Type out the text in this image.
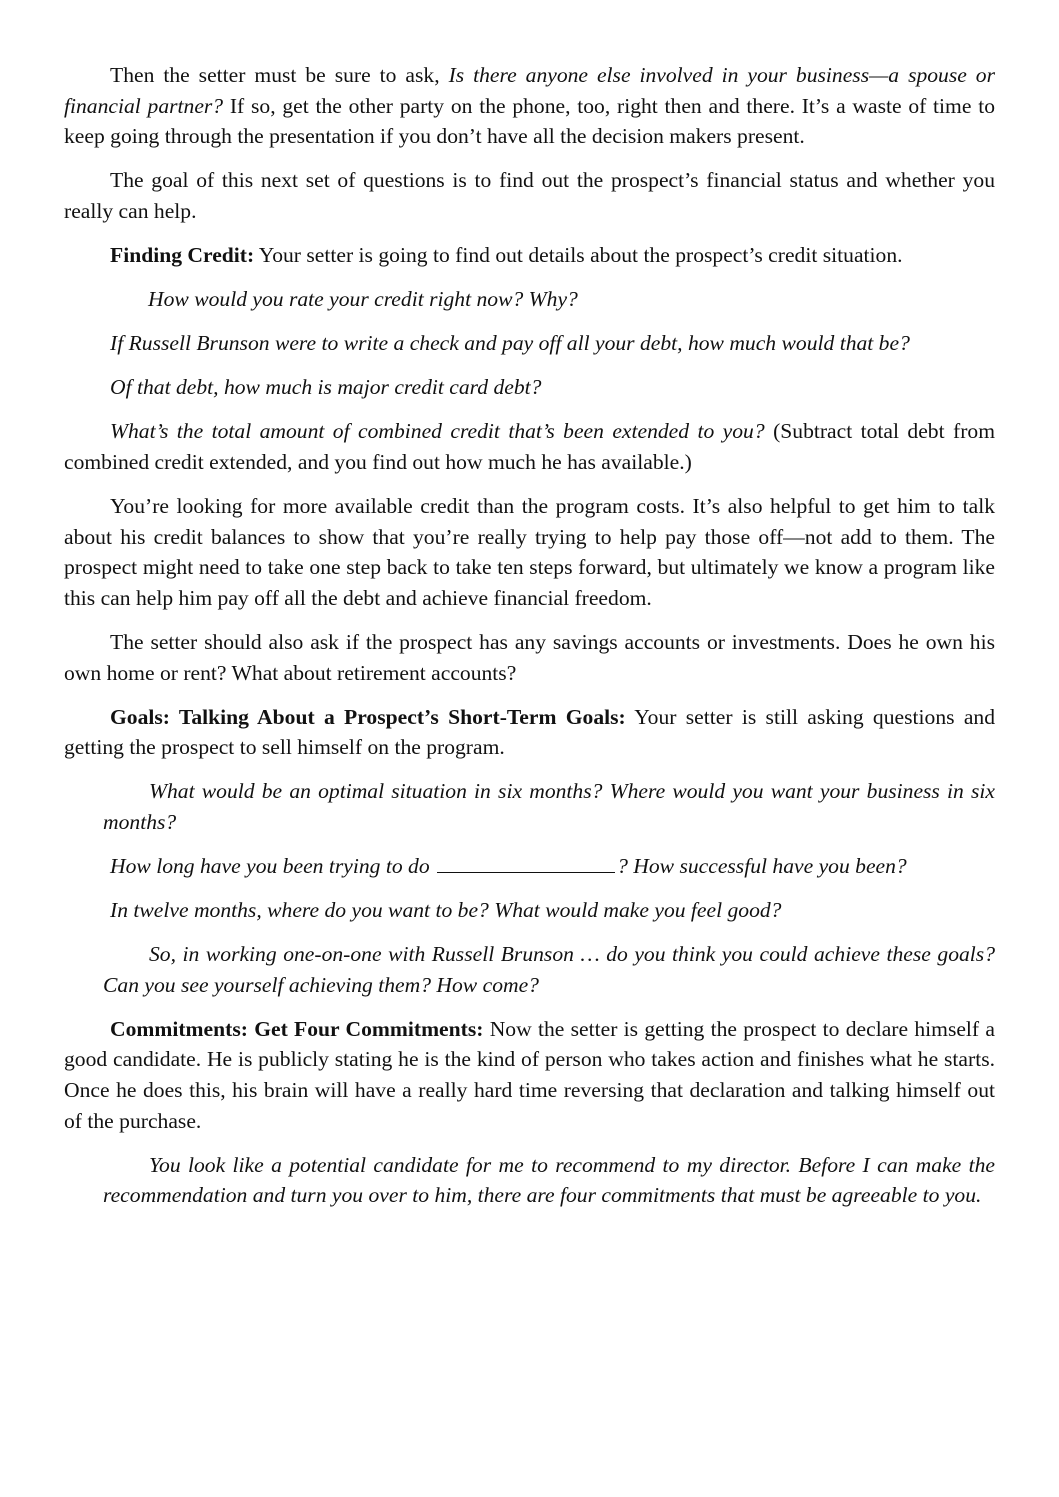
Then the setter must be sure to ask, Is there anyone else involved in your business—a spouse or financial partner? If so, get the other party on the phone, too, right then and there. It’s a waste of time to keep going through the presentation if you don’t have all the decision makers present.

The goal of this next set of questions is to find out the prospect’s financial status and whether you really can help.

Finding Credit: Your setter is going to find out details about the prospect’s credit situation.

How would you rate your credit right now? Why?

If Russell Brunson were to write a check and pay off all your debt, how much would that be?

Of that debt, how much is major credit card debt?

What’s the total amount of combined credit that’s been extended to you? (Subtract total debt from combined credit extended, and you find out how much he has available.)

You’re looking for more available credit than the program costs. It’s also helpful to get him to talk about his credit balances to show that you’re really trying to help pay those off—not add to them. The prospect might need to take one step back to take ten steps forward, but ultimately we know a program like this can help him pay off all the debt and achieve financial freedom.

The setter should also ask if the prospect has any savings accounts or investments. Does he own his own home or rent? What about retirement accounts?

Goals: Talking About a Prospect’s Short-Term Goals: Your setter is still asking questions and getting the prospect to sell himself on the program.

What would be an optimal situation in six months? Where would you want your business in six months?

How long have you been trying to do	? How successful have you been?

In twelve months, where do you want to be? What would make you feel good?

So, in working one-on-one with Russell Brunson … do you think you could achieve these goals? Can you see yourself achieving them? How come?

Commitments: Get Four Commitments: Now the setter is getting the prospect to declare himself a good candidate. He is publicly stating he is the kind of person who takes action and finishes what he starts. Once he does this, his brain will have a really hard time reversing that declaration and talking himself out of the purchase.

You look like a potential candidate for me to recommend to my director. Before I can make the recommendation and turn you over to him, there are four commitments that must be agreeable to you.
